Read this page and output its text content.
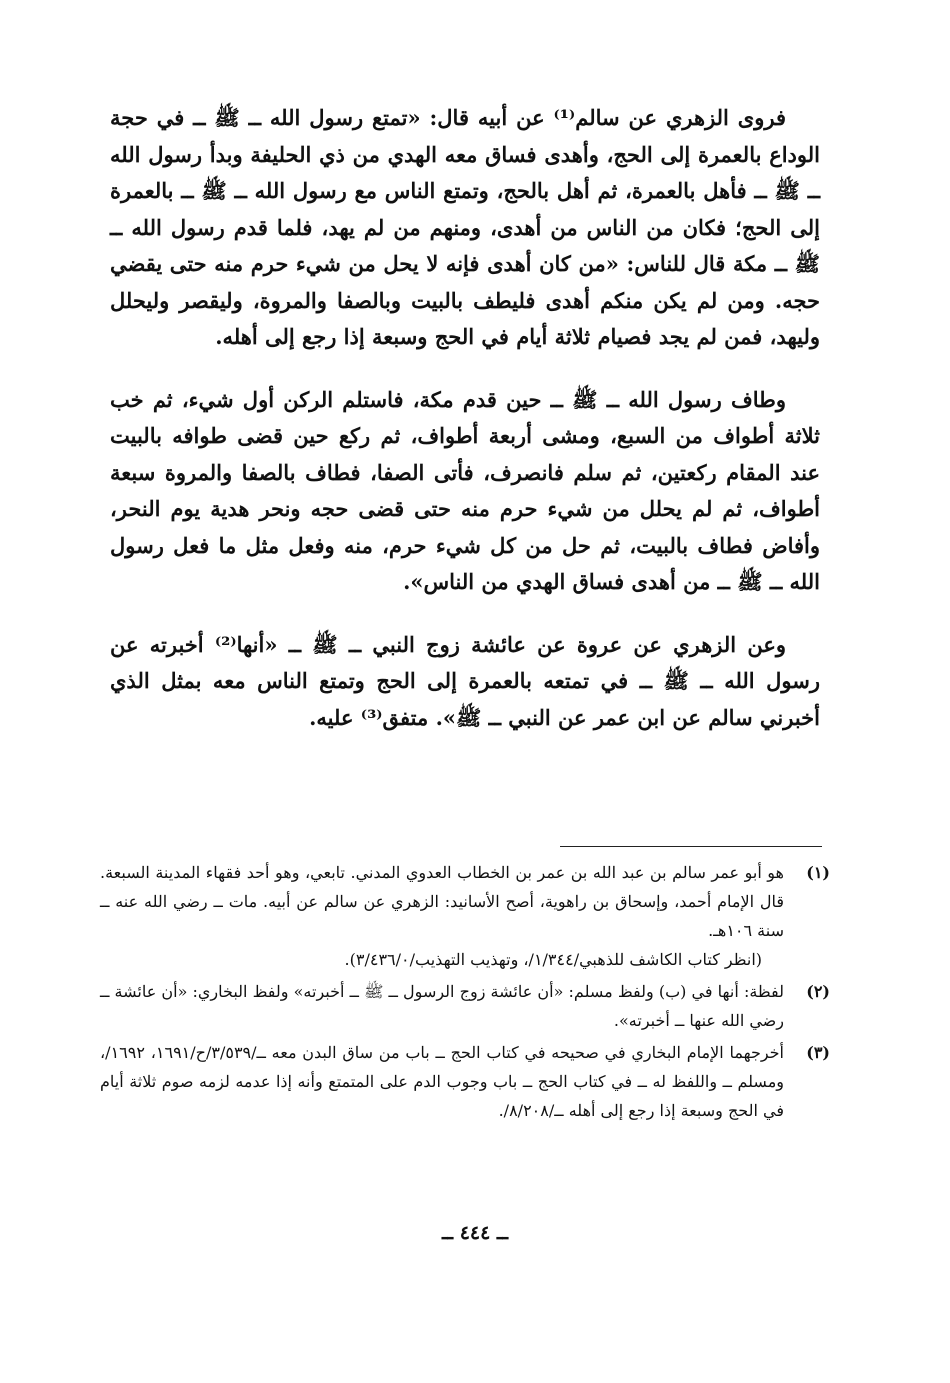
فروى الزهري عن سالم⁽¹⁾ عن أبيه قال: «تمتع رسول الله ــ ﷺ ــ في حجة الوداع بالعمرة إلى الحج، وأهدى فساق معه الهدي من ذي الحليفة وبدأ رسول الله ــ ﷺ ــ فأهل بالعمرة، ثم أهل بالحج، وتمتع الناس مع رسول الله ــ ﷺ ــ بالعمرة إلى الحج؛ فكان من الناس من أهدى، ومنهم من لم يهد، فلما قدم رسول الله ــ ﷺ ــ مكة قال للناس: «من كان أهدى فإنه لا يحل من شيء حرم منه حتى يقضي حجه. ومن لم يكن منكم أهدى فليطف بالبيت وبالصفا والمروة، وليقصر وليحلل وليهد، فمن لم يجد فصيام ثلاثة أيام في الحج وسبعة إذا رجع إلى أهله.

وطاف رسول الله ــ ﷺ ــ حين قدم مكة، فاستلم الركن أول شيء، ثم خب ثلاثة أطواف من السبع، ومشى أربعة أطواف، ثم ركع حين قضى طوافه بالبيت عند المقام ركعتين، ثم سلم فانصرف، فأتى الصفا، فطاف بالصفا والمروة سبعة أطواف، ثم لم يحلل من شيء حرم منه حتى قضى حجه ونحر هدية يوم النحر، وأفاض فطاف بالبيت، ثم حل من كل شيء حرم، منه وفعل مثل ما فعل رسول الله ــ ﷺ ــ من أهدى فساق الهدي من الناس».

وعن الزهري عن عروة عن عائشة زوج النبي ــ ﷺ ــ «أنها⁽²⁾ أخبرته عن رسول الله ــ ﷺ ــ في تمتعه بالعمرة إلى الحج وتمتع الناس معه بمثل الذي أخبرني سالم عن ابن عمر عن النبي ــ ﷺ». متفق⁽³⁾ عليه.

(١)
هو أبو عمر سالم بن عبد الله بن عمر بن الخطاب العدوي المدني. تابعي، وهو أحد فقهاء المدينة السبعة. قال الإمام أحمد، وإسحاق بن راهوية، أصح الأسانيد: الزهري عن سالم عن أبيه. مات ــ رضي الله عنه ــ سنة ١٠٦هـ.
(انظر كتاب الكاشف للذهبي/١/٣٤٤/، وتهذيب التهذيب/٣/٤٣٦/٠).
(٢)
لفظة: أنها في (ب) ولفظ مسلم: «أن عائشة زوج الرسول ــ ﷺ ــ أخبرته» ولفظ البخاري: «أن عائشة ــ رضي الله عنها ــ أخبرته».
(٣)
أخرجهما الإمام البخاري في صحيحه في كتاب الحج ــ باب من ساق البدن معه ــ/٣/٥٣٩/ح/١٦٩١، ١٦٩٢/، ومسلم ــ واللفظ له ــ في كتاب الحج ــ باب وجوب الدم على المتمتع وأنه إذا عدمه لزمه صوم ثلاثة أيام في الحج وسبعة إذا رجع إلى أهله ــ/٨/٢٠٨/.
ــ ٤٤٤ ــ
